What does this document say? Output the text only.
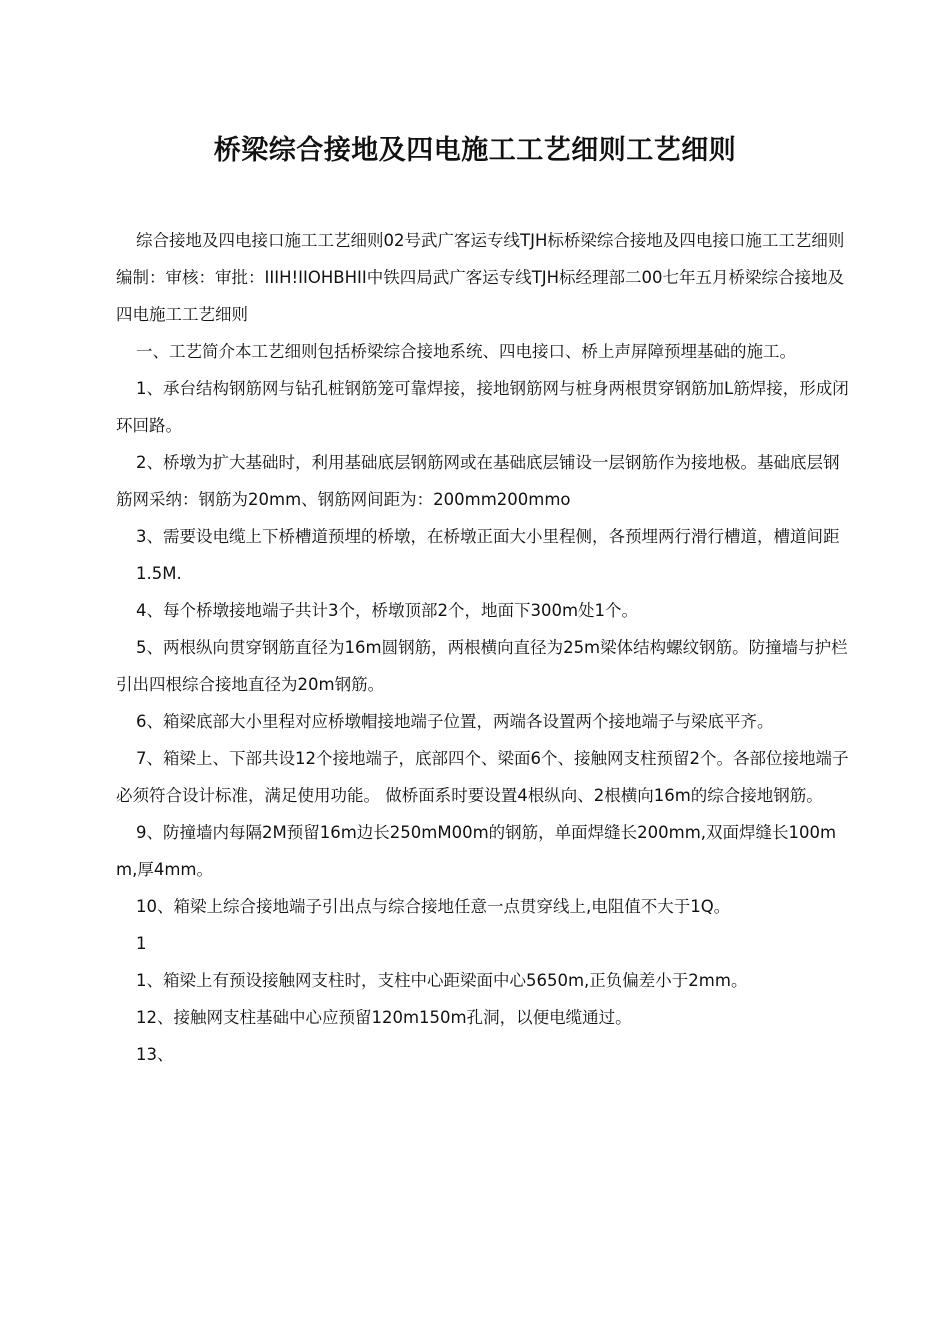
桥梁综合接地及四电施工工艺细则工艺细则

综合接地及四电接口施工工艺细则02号武广客运专线TJH标桥梁综合接地及四电接口施工工艺细则编制：审核：审批：IIIH!IIOHBHII中铁四局武广客运专线TJH标经理部二00七年五月桥梁综合接地及四电施工工艺细则

一、工艺简介本工艺细则包括桥梁综合接地系统、四电接口、桥上声屏障预埋基础的施工。

1、承台结构钢筋网与钻孔桩钢筋笼可靠焊接，接地钢筋网与桩身两根贯穿钢筋加L筋焊接，形成闭环回路。

2、桥墩为扩大基础时，利用基础底层钢筋网或在基础底层铺设一层钢筋作为接地极。基础底层钢筋网采纳：钢筋为20mm、钢筋网间距为：200mm200mmo

3、需要设电缆上下桥槽道预埋的桥墩，在桥墩正面大小里程侧，各预埋两行滑行槽道，槽道间距

1.5M.

4、每个桥墩接地端子共计3个，桥墩顶部2个，地面下300m处1个。

5、两根纵向贯穿钢筋直径为16m圆钢筋，两根横向直径为25m梁体结构螺纹钢筋。防撞墙与护栏引出四根综合接地直径为20m钢筋。

6、箱梁底部大小里程对应桥墩帽接地端子位置，两端各设置两个接地端子与梁底平齐。

7、箱梁上、下部共设12个接地端子，底部四个、梁面6个、接触网支柱预留2个。各部位接地端子必须符合设计标准，满足使用功能。 做桥面系时要设置4根纵向、2根横向16m的综合接地钢筋。

9、防撞墙内每隔2M预留16m边长250mM00m的钢筋，单面焊缝长200mm,双面焊缝长100mm,厚4mm。

10、箱梁上综合接地端子引出点与综合接地任意一点贯穿线上,电阻值不大于1Q。

1

1、箱梁上有预设接触网支柱时，支柱中心距梁面中心5650m,正负偏差小于2mm。

12、接触网支柱基础中心应预留120m150m孔洞，以便电缆通过。

13、
